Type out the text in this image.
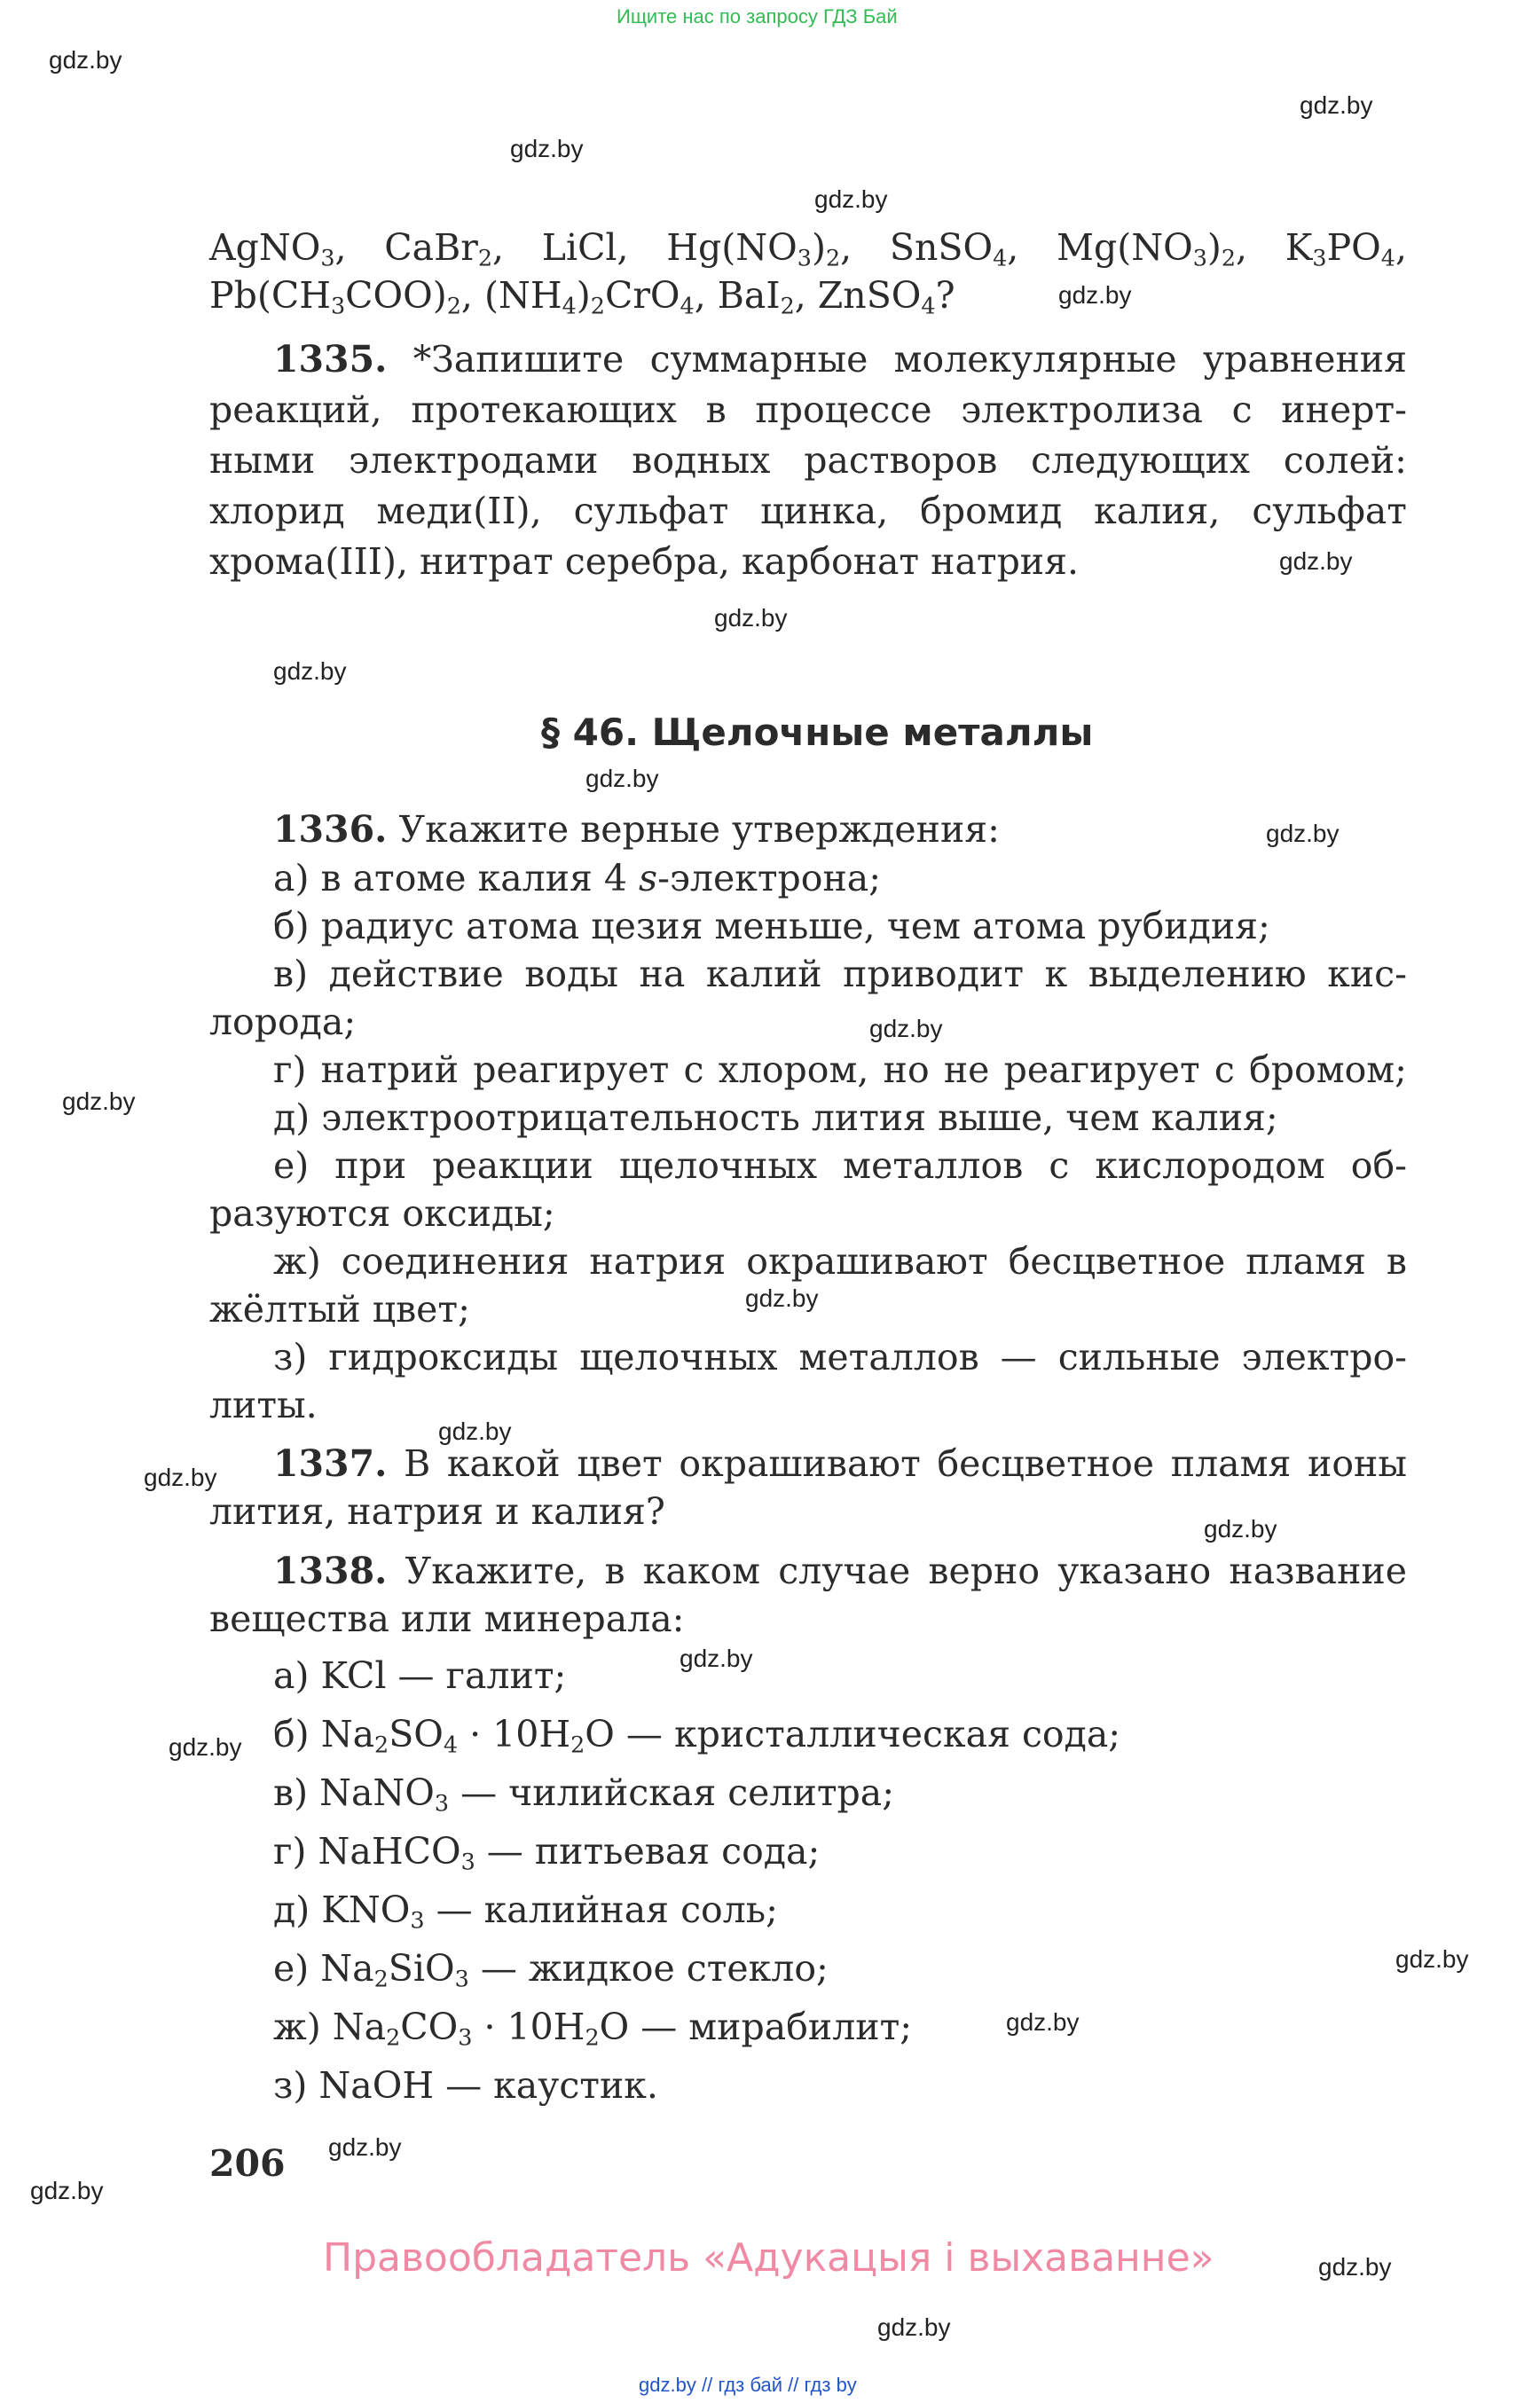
Ищите нас по запросу ГДЗ Бай
gdz.by
gdz.by
gdz.by
gdz.by
gdz.by
gdz.by
gdz.by
gdz.by
gdz.by
gdz.by
gdz.by
gdz.by
gdz.by
gdz.by
gdz.by
gdz.by
gdz.by
gdz.by
gdz.by
gdz.by
gdz.by
gdz.by
gdz.by
gdz.by
AgNO$_3$, CaBr$_2$, LiCl, $Hg(NO_3)_2$, SnSO$_4$, $Mg(NO_3)_2$, $K_3PO_4$,
$Pb(CH_3COO)_2$, $(NH_4)_2CrO_4$, BaI$_2$, ZnSO$_4$?
1335. *Запишите суммарные молекулярные уравнения
реакций, протекающих в процессе электролиза с инерт-
ными электродами водных растворов следующих солей:
хлорид меди(II), сульфат цинка, бромид калия, сульфат
хрома(III), нитрат серебра, карбонат натрия.
§ 46. Щелочные металлы
1336. Укажите верные утверждения:
а) в атоме калия 4 s-электрона;
б) радиус атома цезия меньше, чем атома рубидия;
в) действие воды на калий приводит к выделению кис-
лорода;
г) натрий реагирует с хлором, но не реагирует с бромом;
д) электроотрицательность лития выше, чем калия;
е) при реакции щелочных металлов с кислородом об-
разуются оксиды;
ж) соединения натрия окрашивают бесцветное пламя в
жёлтый цвет;
з) гидроксиды щелочных металлов — сильные электро-
литы.
1337. В какой цвет окрашивают бесцветное пламя ионы
лития, натрия и калия?
1338. Укажите, в каком случае верно указано название
вещества или минерала:
а) KCl — галит;
б) $Na_2SO_4 \cdot 10H_2O$ — кристаллическая сода;
в) NaNO$_3$ — чилийская селитра;
г) NaHCO$_3$ — питьевая сода;
д) $KNO_3$ — калийная соль;
е) $Na_2SiO_3$ — жидкое стекло;
ж) $Na_2CO_3 \cdot 10H_2O$ — мирабилит;
з) NaOH — каустик.
206
Правообладатель «Адукацыя і выхаванне»
gdz.by // гдз бай // гдз by
